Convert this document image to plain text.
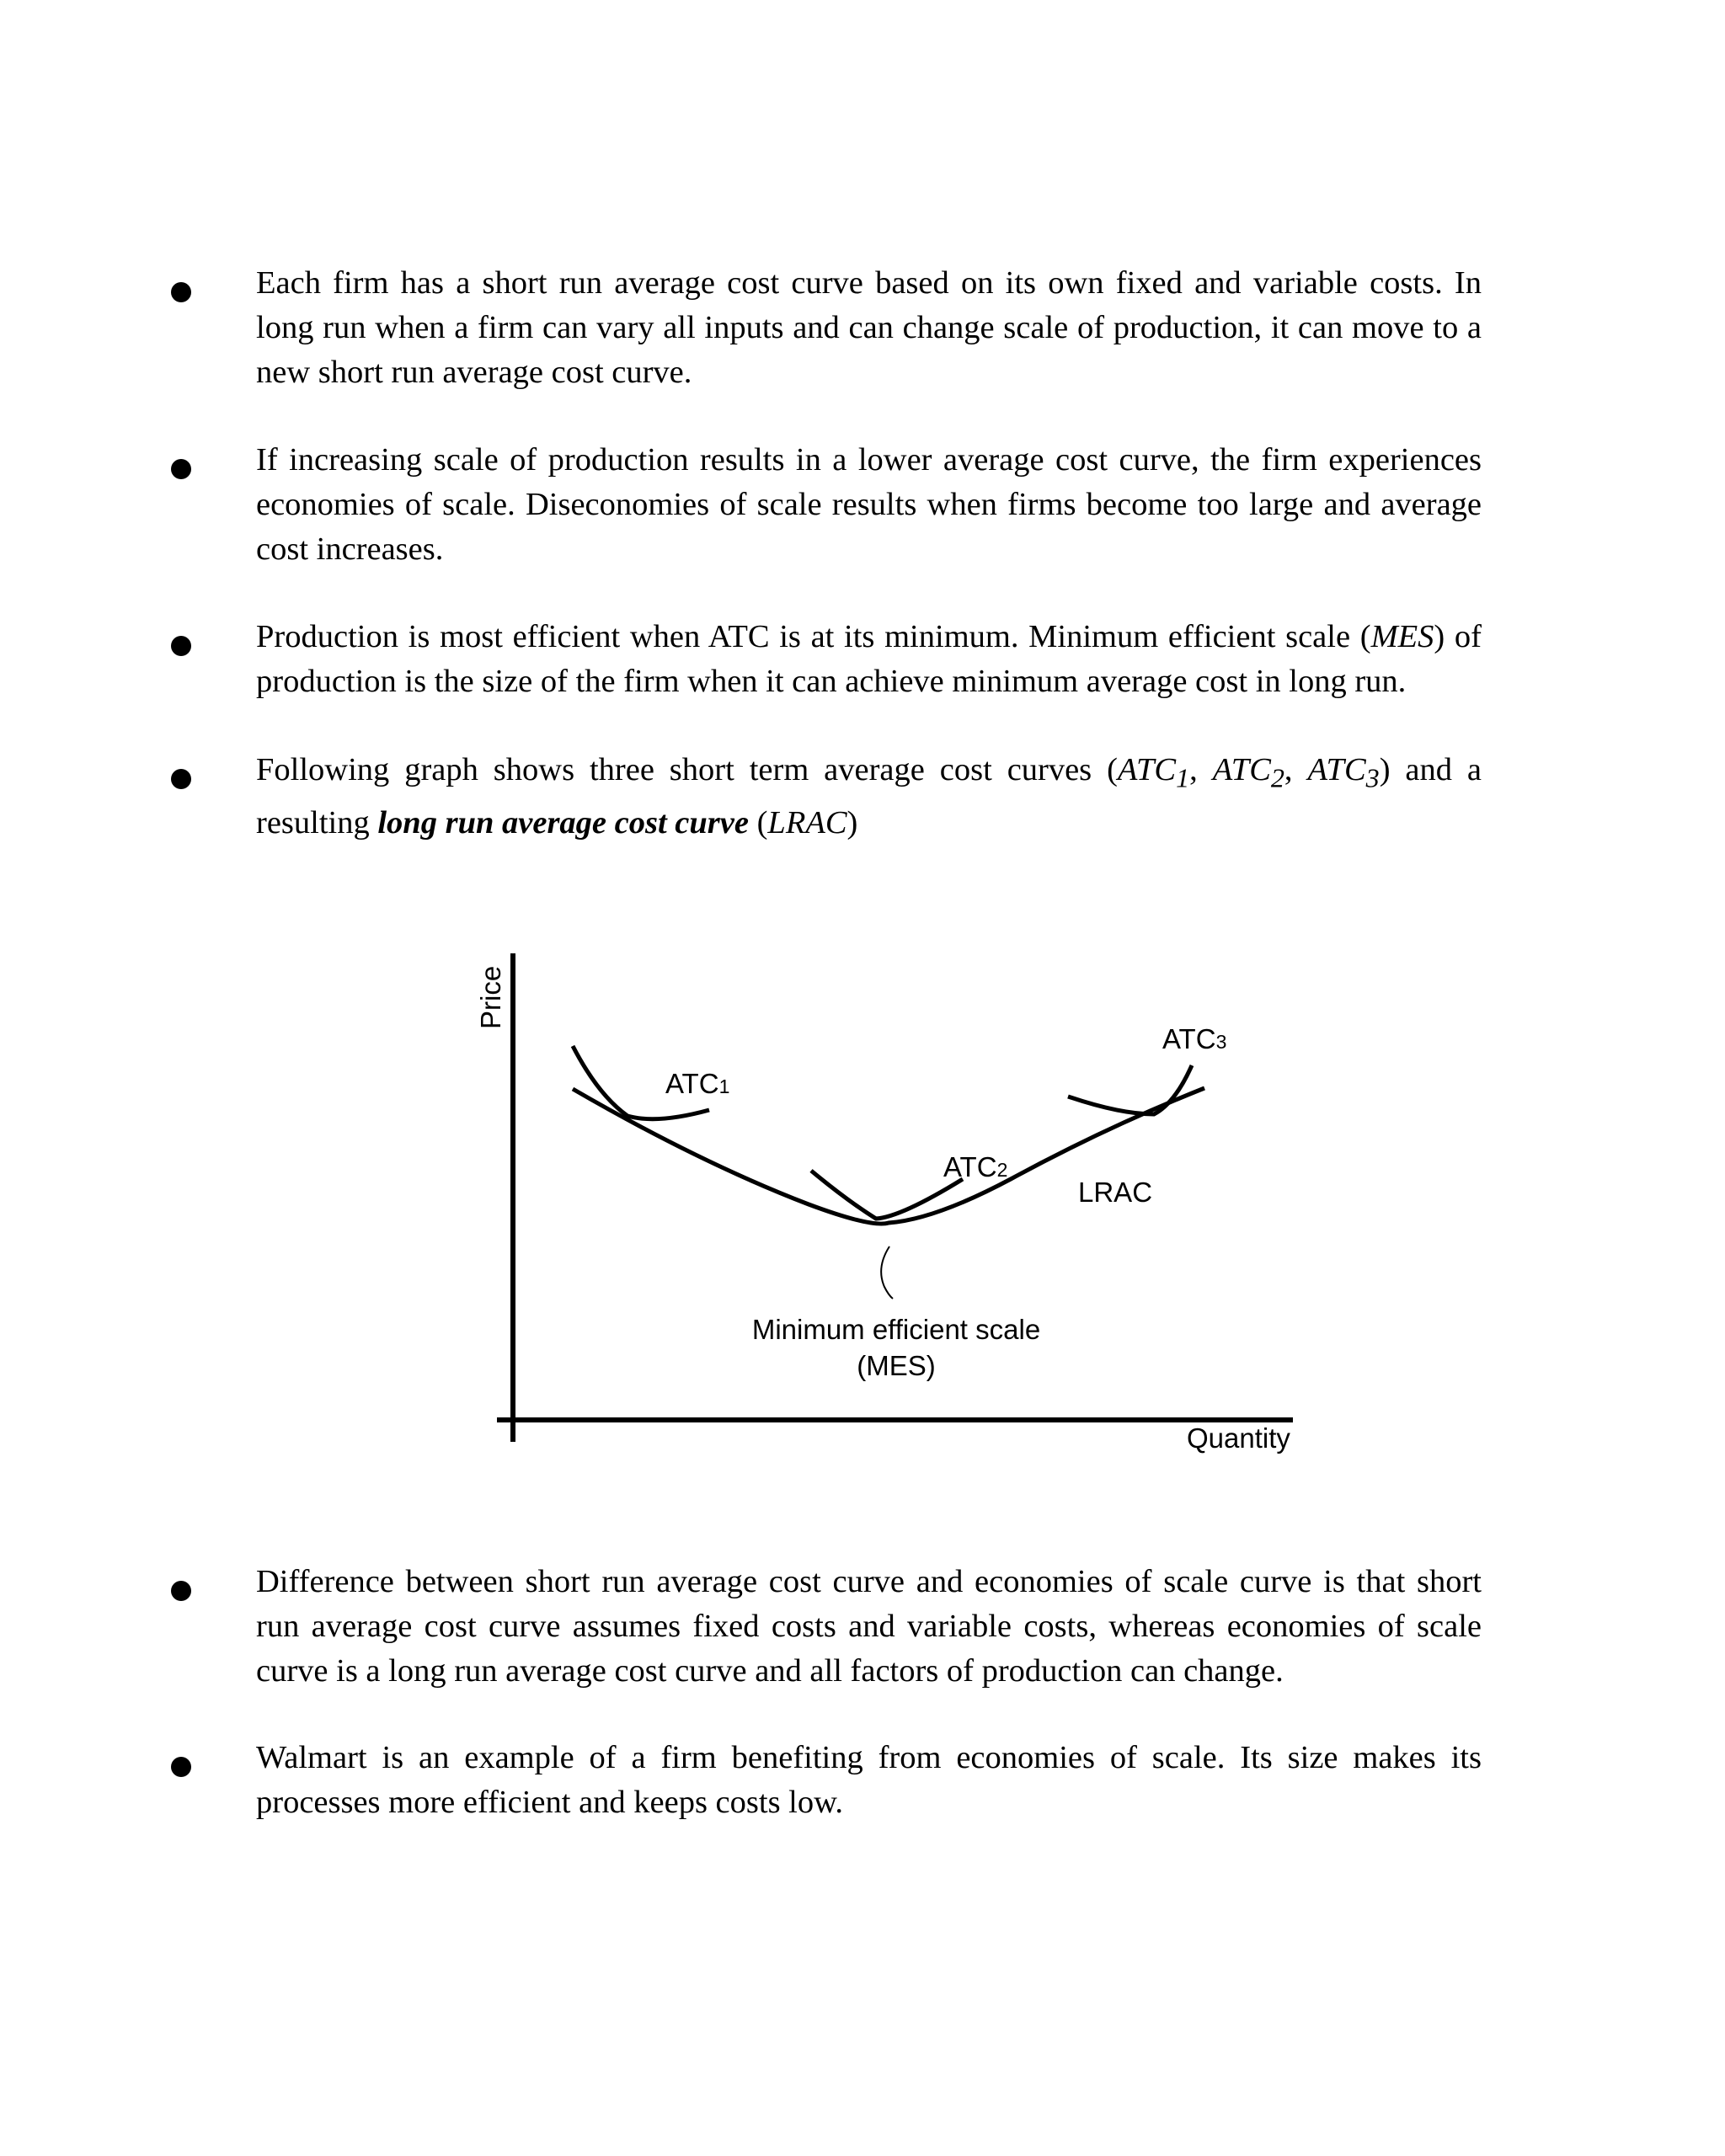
Each firm has a short run average cost curve based on its own fixed and variable costs. In long run when a firm can vary all inputs and can change scale of production, it can move to a new short run average cost curve.
If increasing scale of production results in a lower average cost curve, the firm experiences economies of scale. Diseconomies of scale results when firms become too large and average cost increases.
Production is most efficient when ATC is at its minimum. Minimum efficient scale (MES) of production is the size of the firm when it can achieve minimum average cost in long run.
Following graph shows three short term average cost curves ($ATC_1$, $ATC_2$, $ATC_3$) and a resulting long run average cost curve (LRAC)
Price
Quantity
ATC1
ATC2
ATC3
LRAC
Minimum efficient scale
(MES)
Difference between short run average cost curve and economies of scale curve is that short run average cost curve assumes fixed costs and variable costs, whereas economies of scale curve is a long run average cost curve and all factors of production can change.
Walmart is an example of a firm benefiting from economies of scale. Its size makes its processes more efficient and keeps costs low.
